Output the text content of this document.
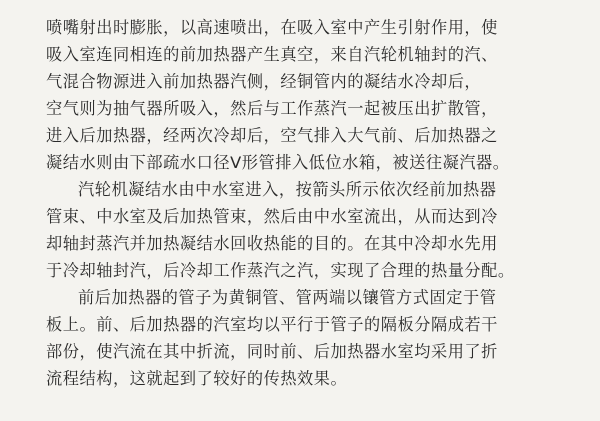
喷嘴射出时膨胀，以高速喷出，在吸入室中产生引射作用，使
吸入室连同相连的前加热器产生真空，来自汽轮机轴封的汽、
气混合物源进入前加热器汽侧，经铜管内的凝结水冷却后，
空气则为抽气器所吸入，然后与工作蒸汽一起被压出扩散管，
进入后加热器，经两次冷却后，空气排入大气前、后加热器之
凝结水则由下部疏水口径V形管排入低位水箱，被送往凝汽器。
汽轮机凝结水由中水室进入，按箭头所示依次经前加热器
管束、中水室及后加热管束，然后由中水室流出，从而达到冷
却轴封蒸汽并加热凝结水回收热能的目的。在其中冷却水先用
于冷却轴封汽，后冷却工作蒸汽之汽，实现了合理的热量分配。
前后加热器的管子为黄铜管、管两端以镶管方式固定于管
板上。前、后加热器的汽室均以平行于管子的隔板分隔成若干
部份，使汽流在其中折流，同时前、后加热器水室均采用了折
流程结构，这就起到了较好的传热效果。
